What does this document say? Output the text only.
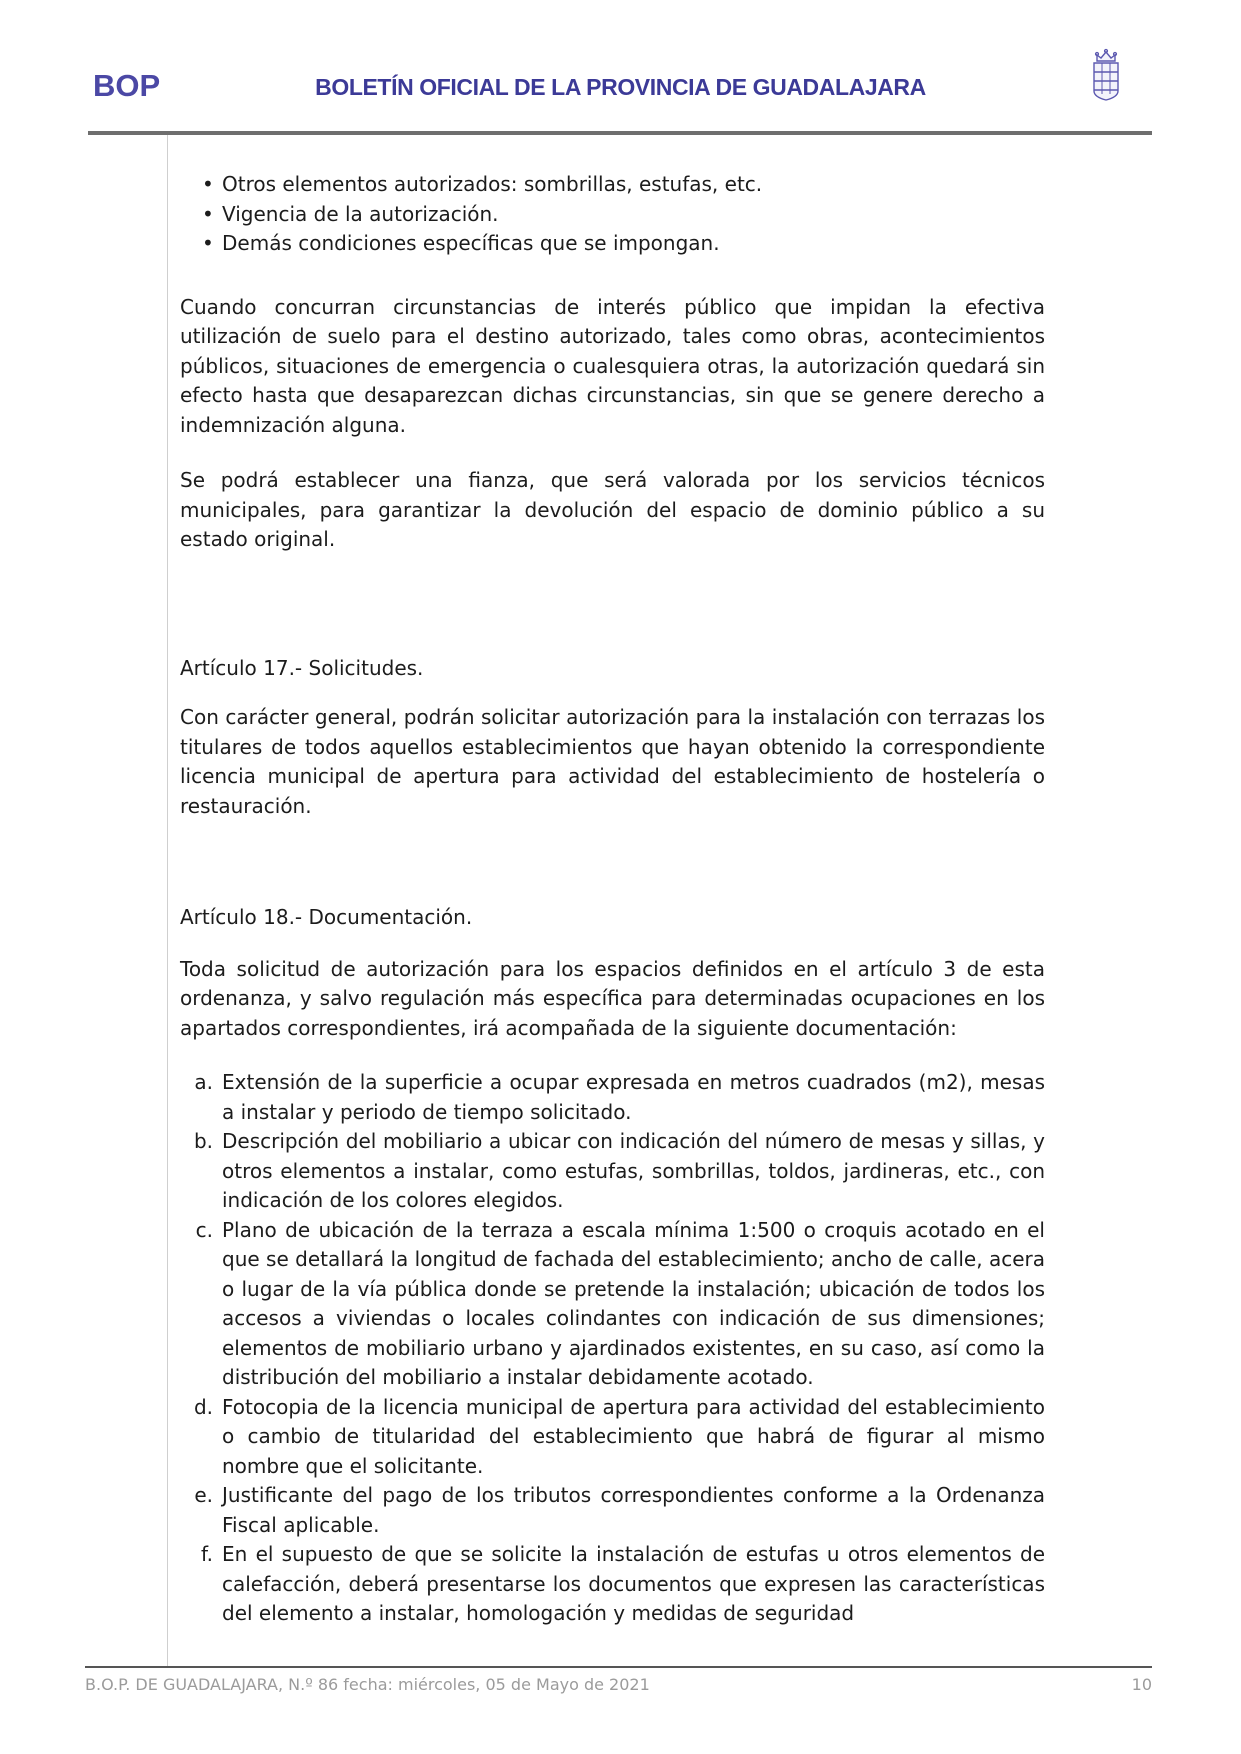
BOP	BOLETÍN OFICIAL DE LA PROVINCIA DE GUADALAJARA
• Otros elementos autorizados: sombrillas, estufas, etc.
• Vigencia de la autorización.
• Demás condiciones específicas que se impongan.

Cuando concurran circunstancias de interés público que impidan la efectiva utilización de suelo para el destino autorizado, tales como obras, acontecimientos públicos, situaciones de emergencia o cualesquiera otras, la autorización quedará sin efecto hasta que desaparezcan dichas circunstancias, sin que se genere derecho a indemnización alguna.

Se podrá establecer una fianza, que será valorada por los servicios técnicos municipales, para garantizar la devolución del espacio de dominio público a su estado original.

Artículo 17.- Solicitudes.

Con carácter general, podrán solicitar autorización para la instalación con terrazas los titulares de todos aquellos establecimientos que hayan obtenido la correspondiente licencia municipal de apertura para actividad del establecimiento de hostelería o restauración.

Artículo 18.- Documentación.

Toda solicitud de autorización para los espacios definidos en el artículo 3 de esta ordenanza, y salvo regulación más específica para determinadas ocupaciones en los apartados correspondientes, irá acompañada de la siguiente documentación:

a. Extensión de la superficie a ocupar expresada en metros cuadrados (m2), mesas a instalar y periodo de tiempo solicitado.
b. Descripción del mobiliario a ubicar con indicación del número de mesas y sillas, y otros elementos a instalar, como estufas, sombrillas, toldos, jardineras, etc., con indicación de los colores elegidos.
c. Plano de ubicación de la terraza a escala mínima 1:500 o croquis acotado en el que se detallará la longitud de fachada del establecimiento; ancho de calle, acera o lugar de la vía pública donde se pretende la instalación; ubicación de todos los accesos a viviendas o locales colindantes con indicación de sus dimensiones; elementos de mobiliario urbano y ajardinados existentes, en su caso, así como la distribución del mobiliario a instalar debidamente acotado.
d. Fotocopia de la licencia municipal de apertura para actividad del establecimiento o cambio de titularidad del establecimiento que habrá de figurar al mismo nombre que el solicitante.
e. Justificante del pago de los tributos correspondientes conforme a la Ordenanza Fiscal aplicable.
f. En el supuesto de que se solicite la instalación de estufas u otros elementos de calefacción, deberá presentarse los documentos que expresen las características del elemento a instalar, homologación y medidas de seguridad
B.O.P. DE GUADALAJARA, N.º 86 fecha: miércoles, 05 de Mayo de 2021	10
